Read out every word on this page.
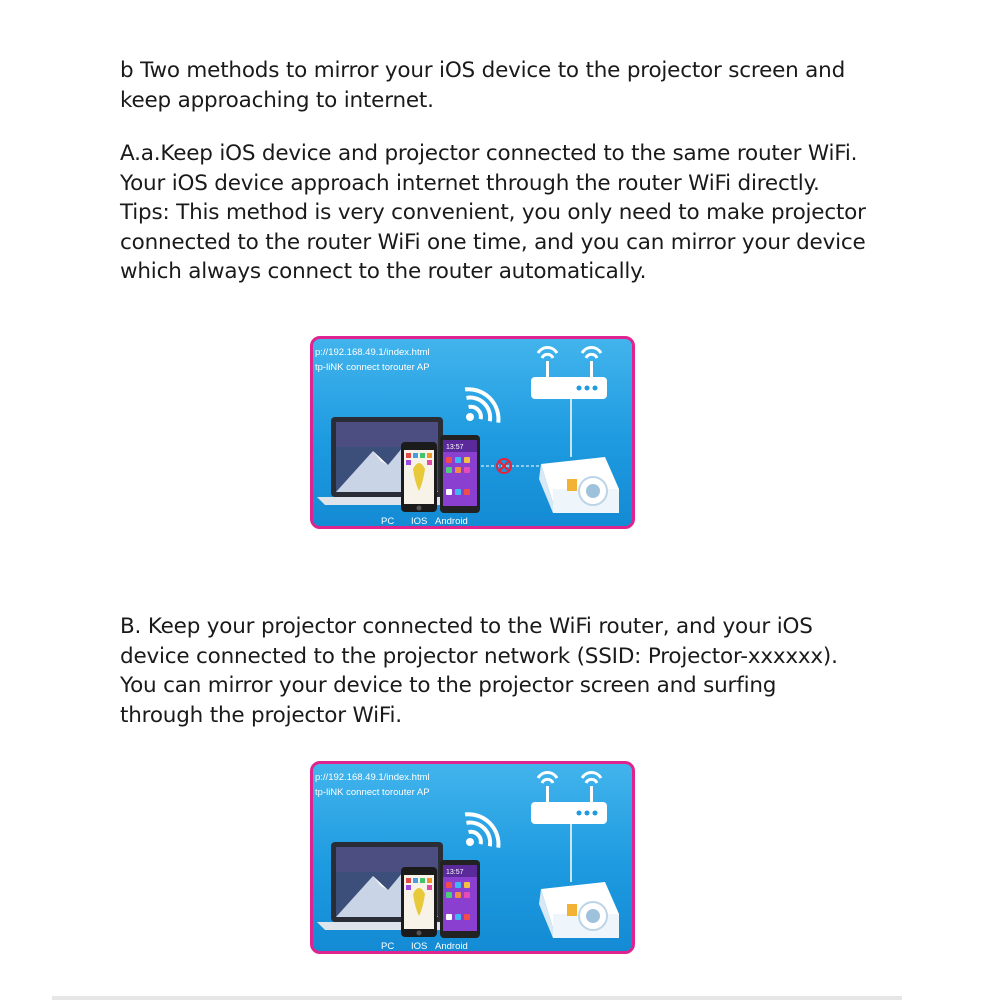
b Two methods to mirror your iOS device to the projector screen and
keep approaching to internet.

A.a.Keep iOS device and projector connected to the same router WiFi.
Your iOS device approach internet through the router WiFi directly.
Tips: This method is very convenient, you only need to make projector
connected to the router WiFi one time, and you can mirror your device
which always connect to the router automatically.

13:57
p://192.168.49.1/index.html
tp-liNK connect torouter AP
PC IOS Android

B. Keep your projector connected to the WiFi router, and your iOS
device connected to the projector network (SSID: Projector-xxxxxx).
You can mirror your device to the projector screen and surfing
through the projector WiFi.

13:57
p://192.168.49.1/index.html
tp-liNK connect torouter AP
PC IOS Android
